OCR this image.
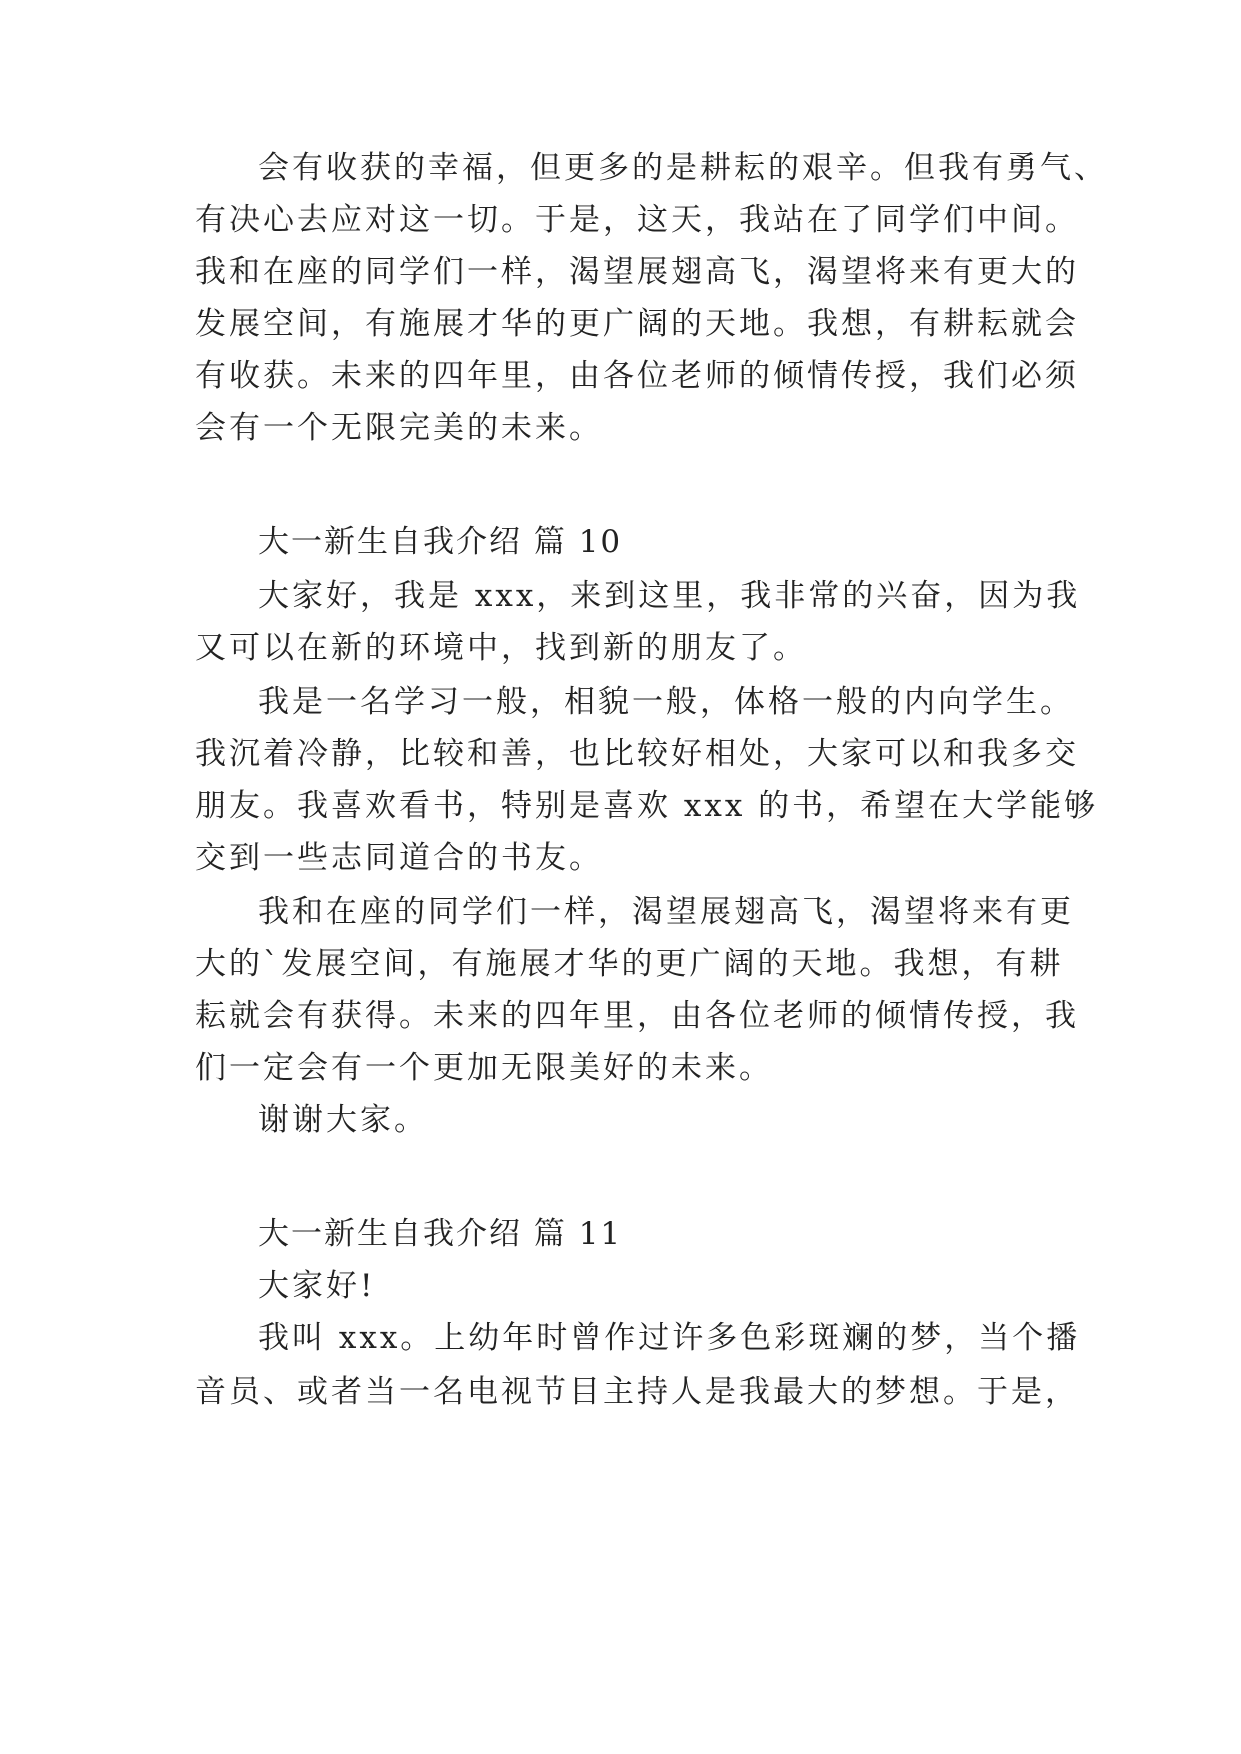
会有收获的幸福，但更多的是耕耘的艰辛。但我有勇气、
有决心去应对这一切。于是，这天，我站在了同学们中间。
我和在座的同学们一样，渴望展翅高飞，渴望将来有更大的
发展空间，有施展才华的更广阔的天地。我想，有耕耘就会
有收获。未来的四年里，由各位老师的倾情传授，我们必须
会有一个无限完美的未来。
大一新生自我介绍 篇 10
大家好，我是 xxx，来到这里，我非常的兴奋，因为我
又可以在新的环境中，找到新的朋友了。
我是一名学习一般，相貌一般，体格一般的内向学生。
我沉着冷静，比较和善，也比较好相处，大家可以和我多交
朋友。我喜欢看书，特别是喜欢 xxx 的书，希望在大学能够
交到一些志同道合的书友。
我和在座的同学们一样，渴望展翅高飞，渴望将来有更
大的`发展空间，有施展才华的更广阔的天地。我想，有耕
耘就会有获得。未来的四年里，由各位老师的倾情传授，我
们一定会有一个更加无限美好的未来。
谢谢大家。
大一新生自我介绍 篇 11
大家好!
我叫 xxx。上幼年时曾作过许多色彩斑斓的梦，当个播
音员、或者当一名电视节目主持人是我最大的梦想。于是，
